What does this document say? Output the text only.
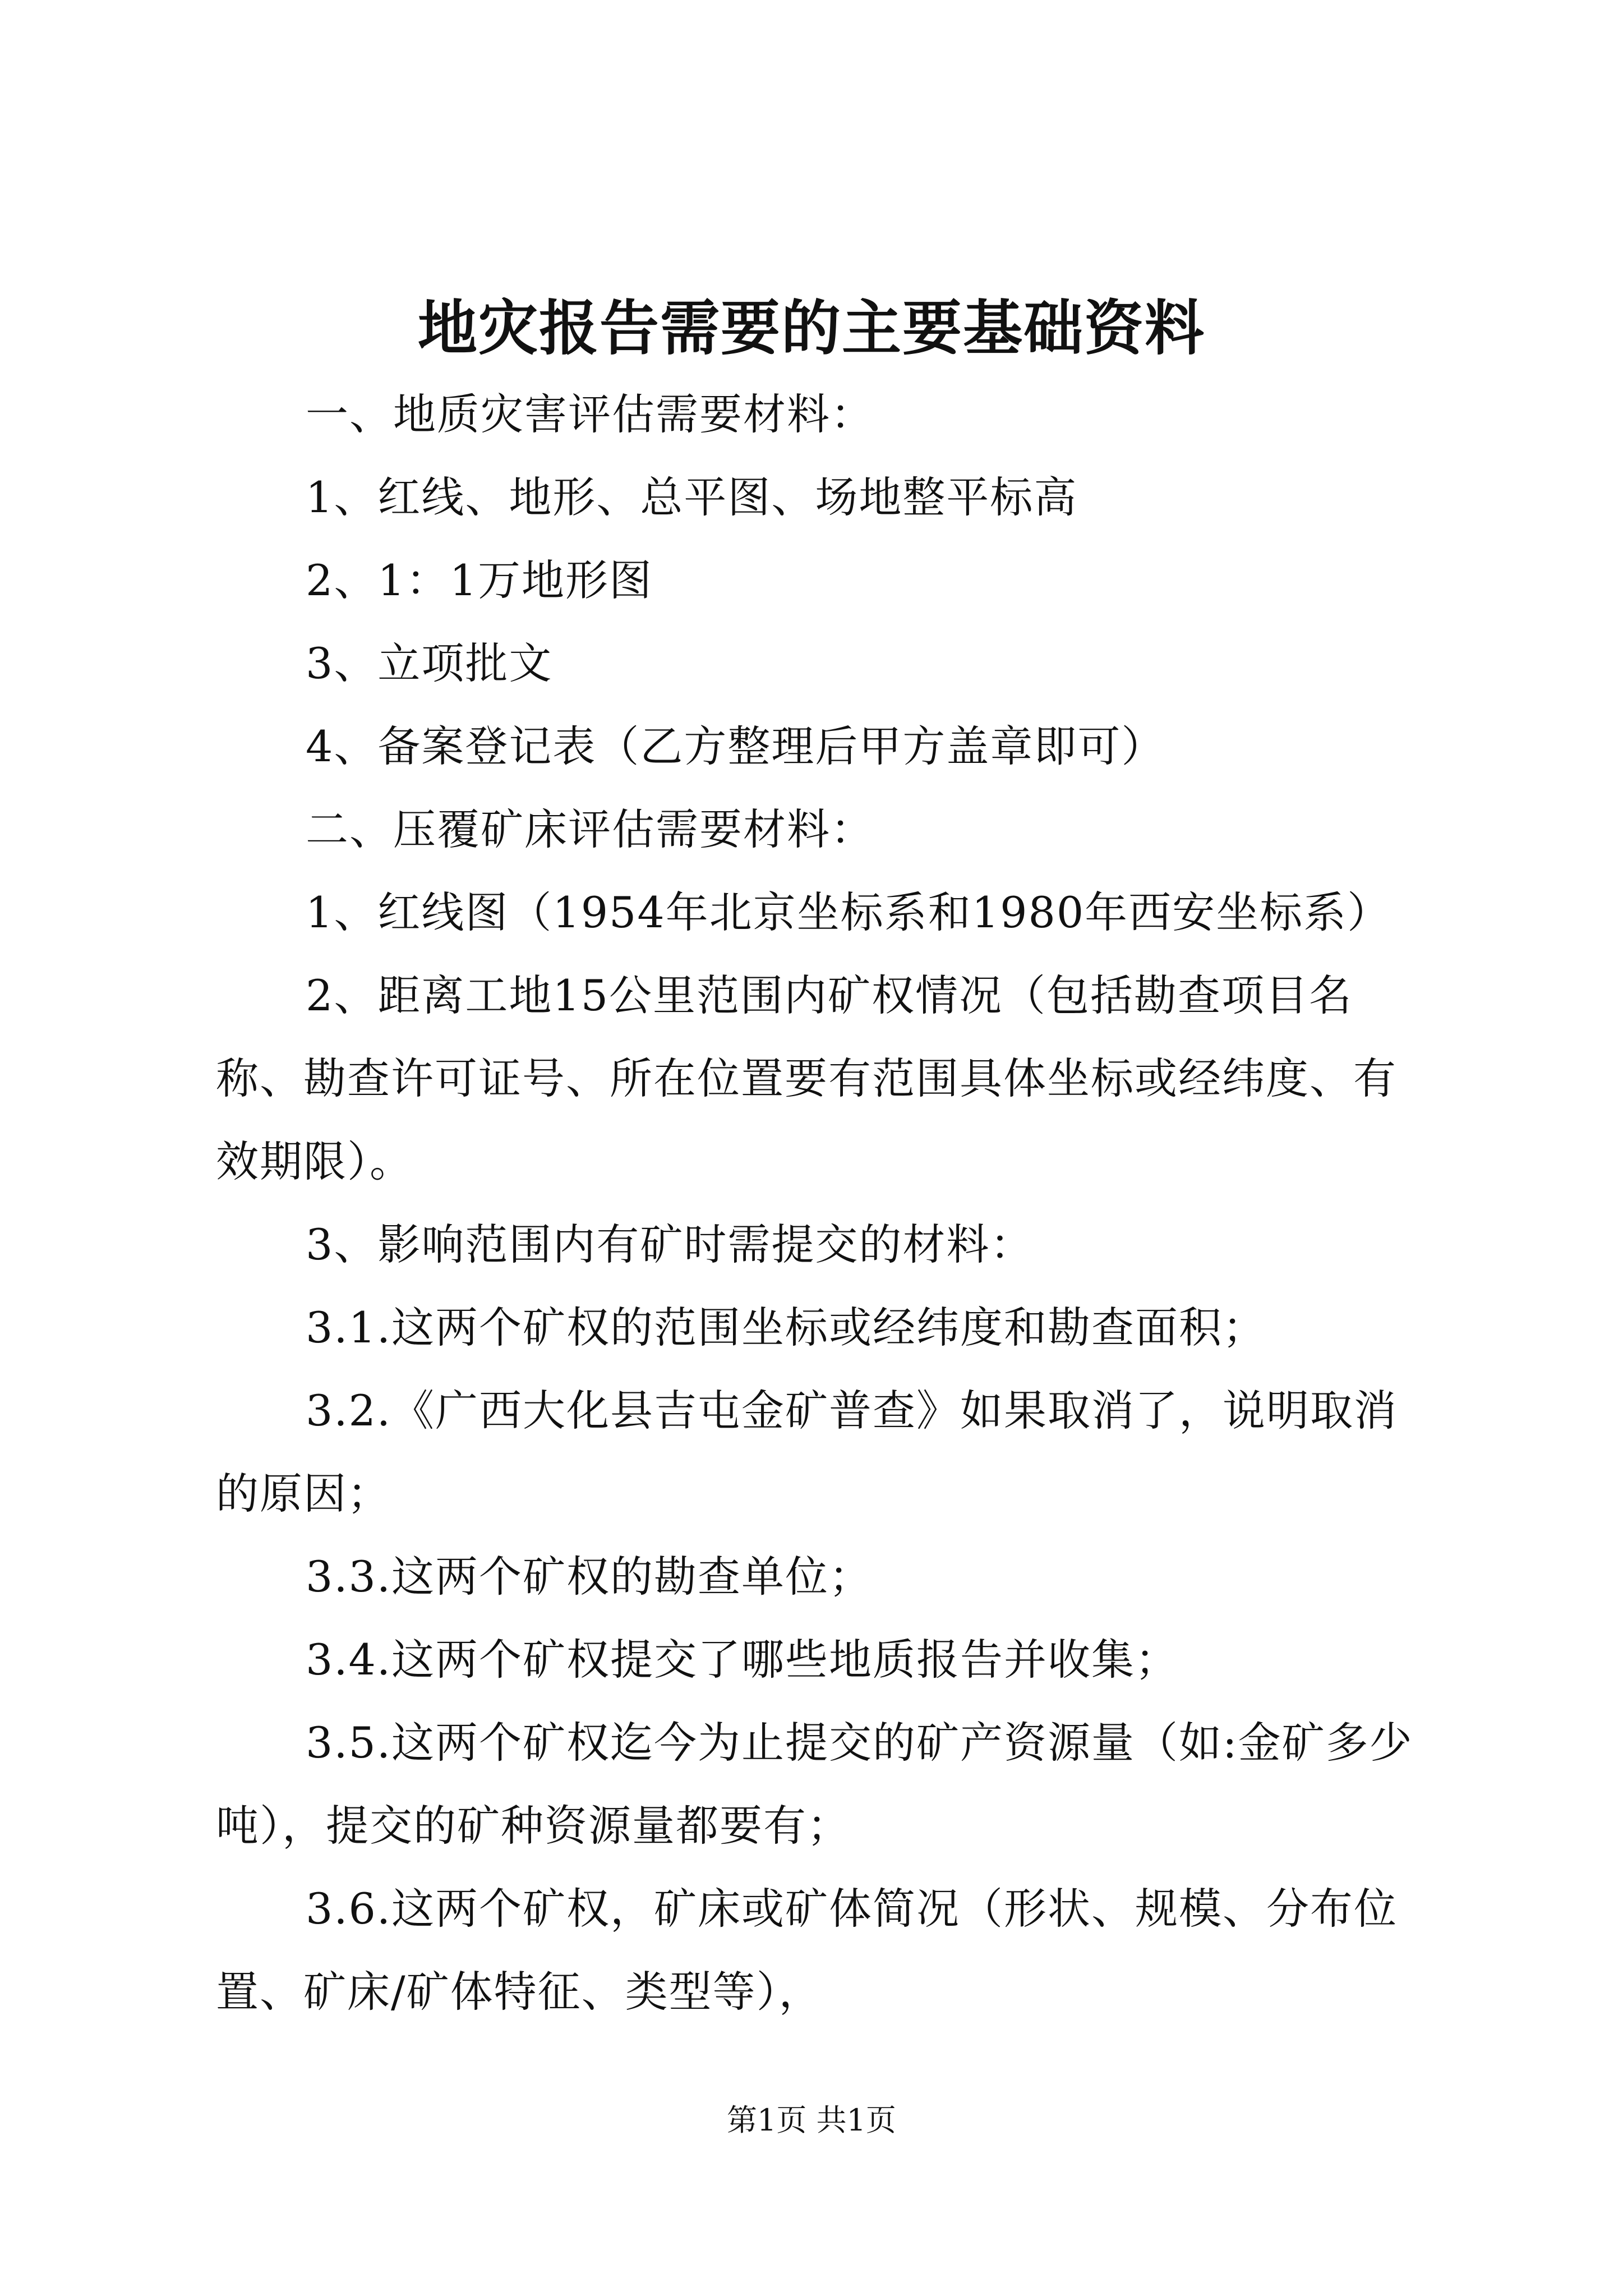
地灾报告需要的主要基础资料

一、地质灾害评估需要材料：

1、红线、地形、总平图、场地整平标高

2、1：1万地形图

3、立项批文

4、备案登记表（乙方整理后甲方盖章即可）

二、压覆矿床评估需要材料：

1、红线图（1954年北京坐标系和1980年西安坐标系）

2、距离工地15公里范围内矿权情况（包括勘查项目名称、勘查许可证号、所在位置要有范围具体坐标或经纬度、有效期限）。

3、影响范围内有矿时需提交的材料：

3.1.这两个矿权的范围坐标或经纬度和勘查面积；

3.2.《广西大化县吉屯金矿普查》如果取消了，说明取消的原因；

3.3.这两个矿权的勘查单位；

3.4.这两个矿权提交了哪些地质报告并收集；

3.5.这两个矿权迄今为止提交的矿产资源量（如:金矿多少吨），提交的矿种资源量都要有；

3.6.这两个矿权，矿床或矿体简况（形状、规模、分布位置、矿床/矿体特征、类型等），

第1页 共1页
